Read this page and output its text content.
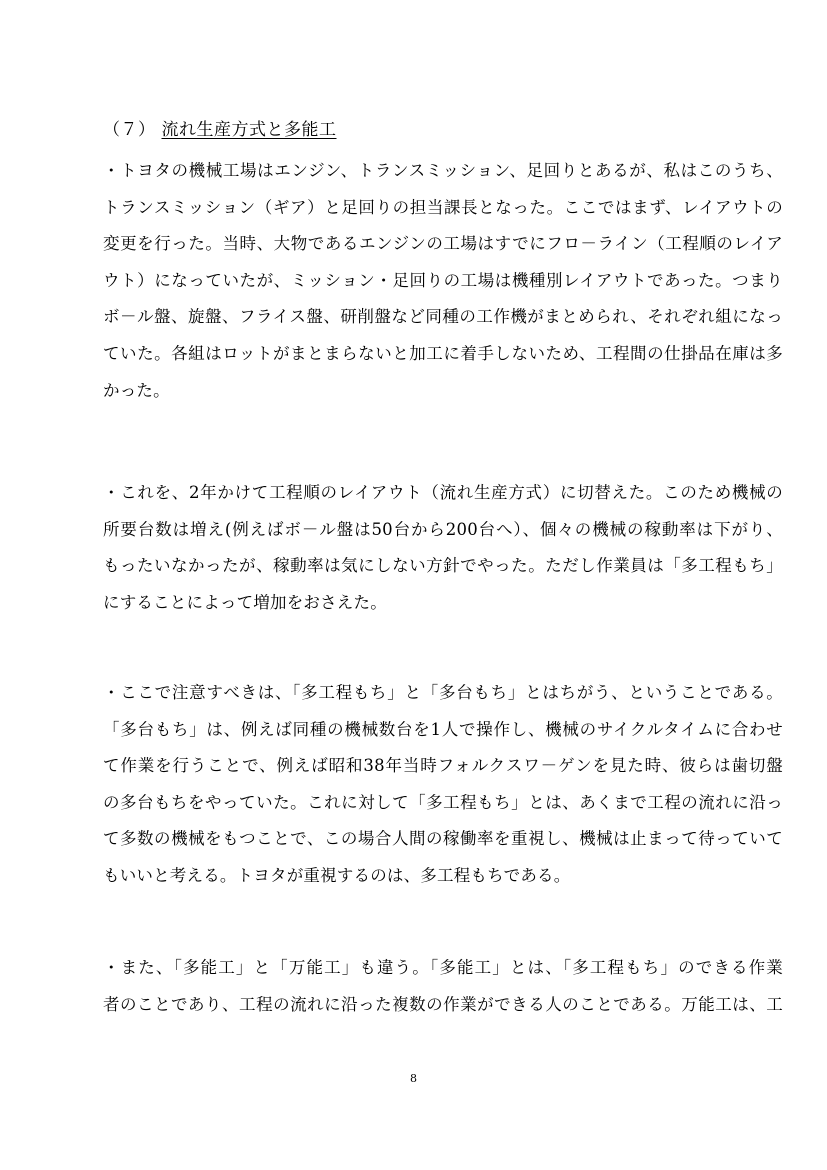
（７） 流れ生産方式と多能工
・トヨタの機械工場はエンジン、トランスミッション、足回りとあるが、私はこのうち、
トランスミッション（ギア）と足回りの担当課長となった。ここではまず、レイアウトの
変更を行った。当時、大物であるエンジンの工場はすでにフロ－ライン（工程順のレイア
ウト）になっていたが、ミッション・足回りの工場は機種別レイアウトであった。つまり
ボ－ル盤、旋盤、フライス盤、研削盤など同種の工作機がまとめられ、それぞれ組になっ
ていた。各組はロットがまとまらないと加工に着手しないため、工程間の仕掛品在庫は多
かった。
・これを、2年かけて工程順のレイアウト（流れ生産方式）に切替えた。このため機械の
所要台数は増え(例えばボ－ル盤は50台から200台へ）、個々の機械の稼動率は下がり、
もったいなかったが、稼動率は気にしない方針でやった。ただし作業員は「多工程もち」
にすることによって増加をおさえた。
・ここで注意すべきは、「多工程もち」と「多台もち」とはちがう、ということである。
「多台もち」は、例えば同種の機械数台を1人で操作し、機械のサイクルタイムに合わせ
て作業を行うことで、例えば昭和38年当時フォルクスワ－ゲンを見た時、彼らは歯切盤
の多台もちをやっていた。これに対して「多工程もち」とは、あくまで工程の流れに沿っ
て多数の機械をもつことで、この場合人間の稼働率を重視し、機械は止まって待っていて
もいいと考える。トヨタが重視するのは、多工程もちである。
・また、「多能工」と「万能工」も違う。「多能工」とは、「多工程もち」のできる作業
者のことであり、工程の流れに沿った複数の作業ができる人のことである。万能工は、工
8
